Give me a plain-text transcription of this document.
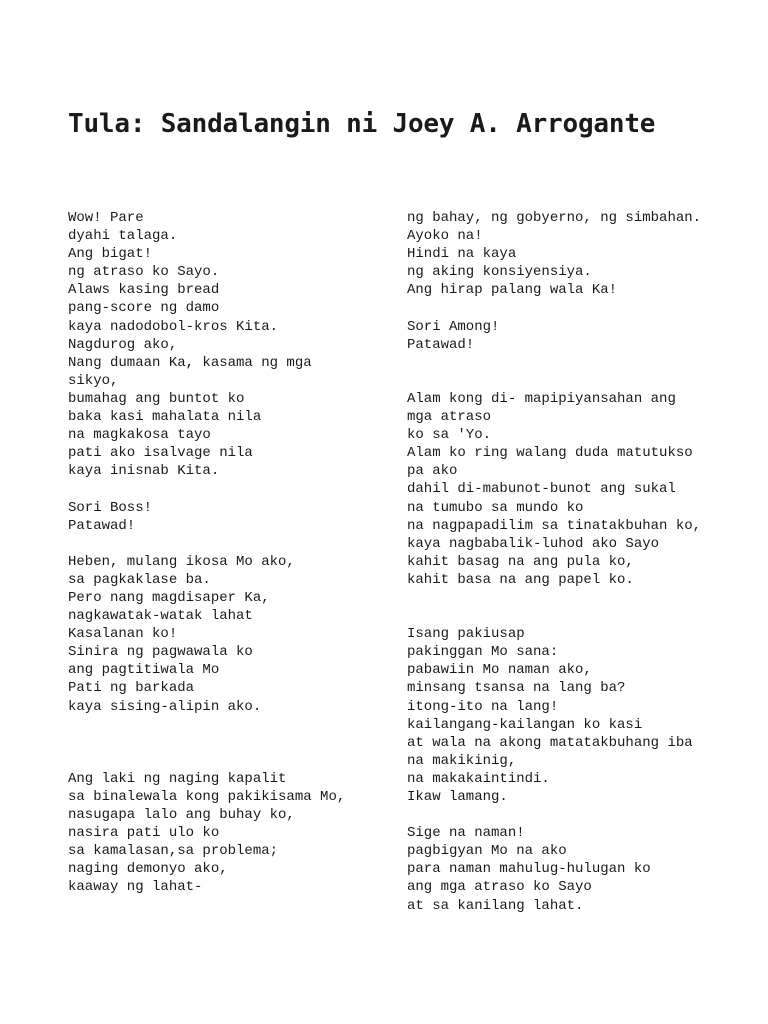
Tula: Sandalangin ni Joey A. Arrogante
Wow! Pare
dyahi talaga.
Ang bigat!
ng atraso ko Sayo.
Alaws kasing bread
pang-score ng damo
kaya nadodobol-kros Kita.
Nagdurog ako,
Nang dumaan Ka, kasama ng mga
sikyo,
bumahag ang buntot ko
baka kasi mahalata nila
na magkakosa tayo
pati ako isalvage nila
kaya inisnab Kita.
Sori Boss!
Patawad!
Heben, mulang ikosa Mo ako,
sa pagkaklase ba.
Pero nang magdisaper Ka,
nagkawatak-watak lahat
Kasalanan ko!
Sinira ng pagwawala ko
ang pagtitiwala Mo
Pati ng barkada
kaya sising-alipin ako.
Ang laki ng naging kapalit
sa binalewala kong pakikisama Mo,
nasugapa lalo ang buhay ko,
nasira pati ulo ko
sa kamalasan,sa problema;
naging demonyo ako,
kaaway ng lahat-
ng bahay, ng gobyerno, ng simbahan.
Ayoko na!
Hindi na kaya
ng aking konsiyensiya.
Ang hirap palang wala Ka!
Sori Among!
Patawad!
Alam kong di- mapipiyansahan ang
mga atraso
ko sa 'Yo.
Alam ko ring walang duda matutukso
pa ako
dahil di-mabunot-bunot ang sukal
na tumubo sa mundo ko
na nagpapadilim sa tinatakbuhan ko,
kaya nagbabalik-luhod ako Sayo
kahit basag na ang pula ko,
kahit basa na ang papel ko.
Isang pakiusap
pakinggan Mo sana:
pabawiin Mo naman ako,
minsang tsansa na lang ba?
itong-ito na lang!
kailangang-kailangan ko kasi
at wala na akong matatakbuhang iba
na makikinig,
na makakaintindi.
Ikaw lamang.
Sige na naman!
pagbigyan Mo na ako
para naman mahulug-hulugan ko
ang mga atraso ko Sayo
at sa kanilang lahat.
